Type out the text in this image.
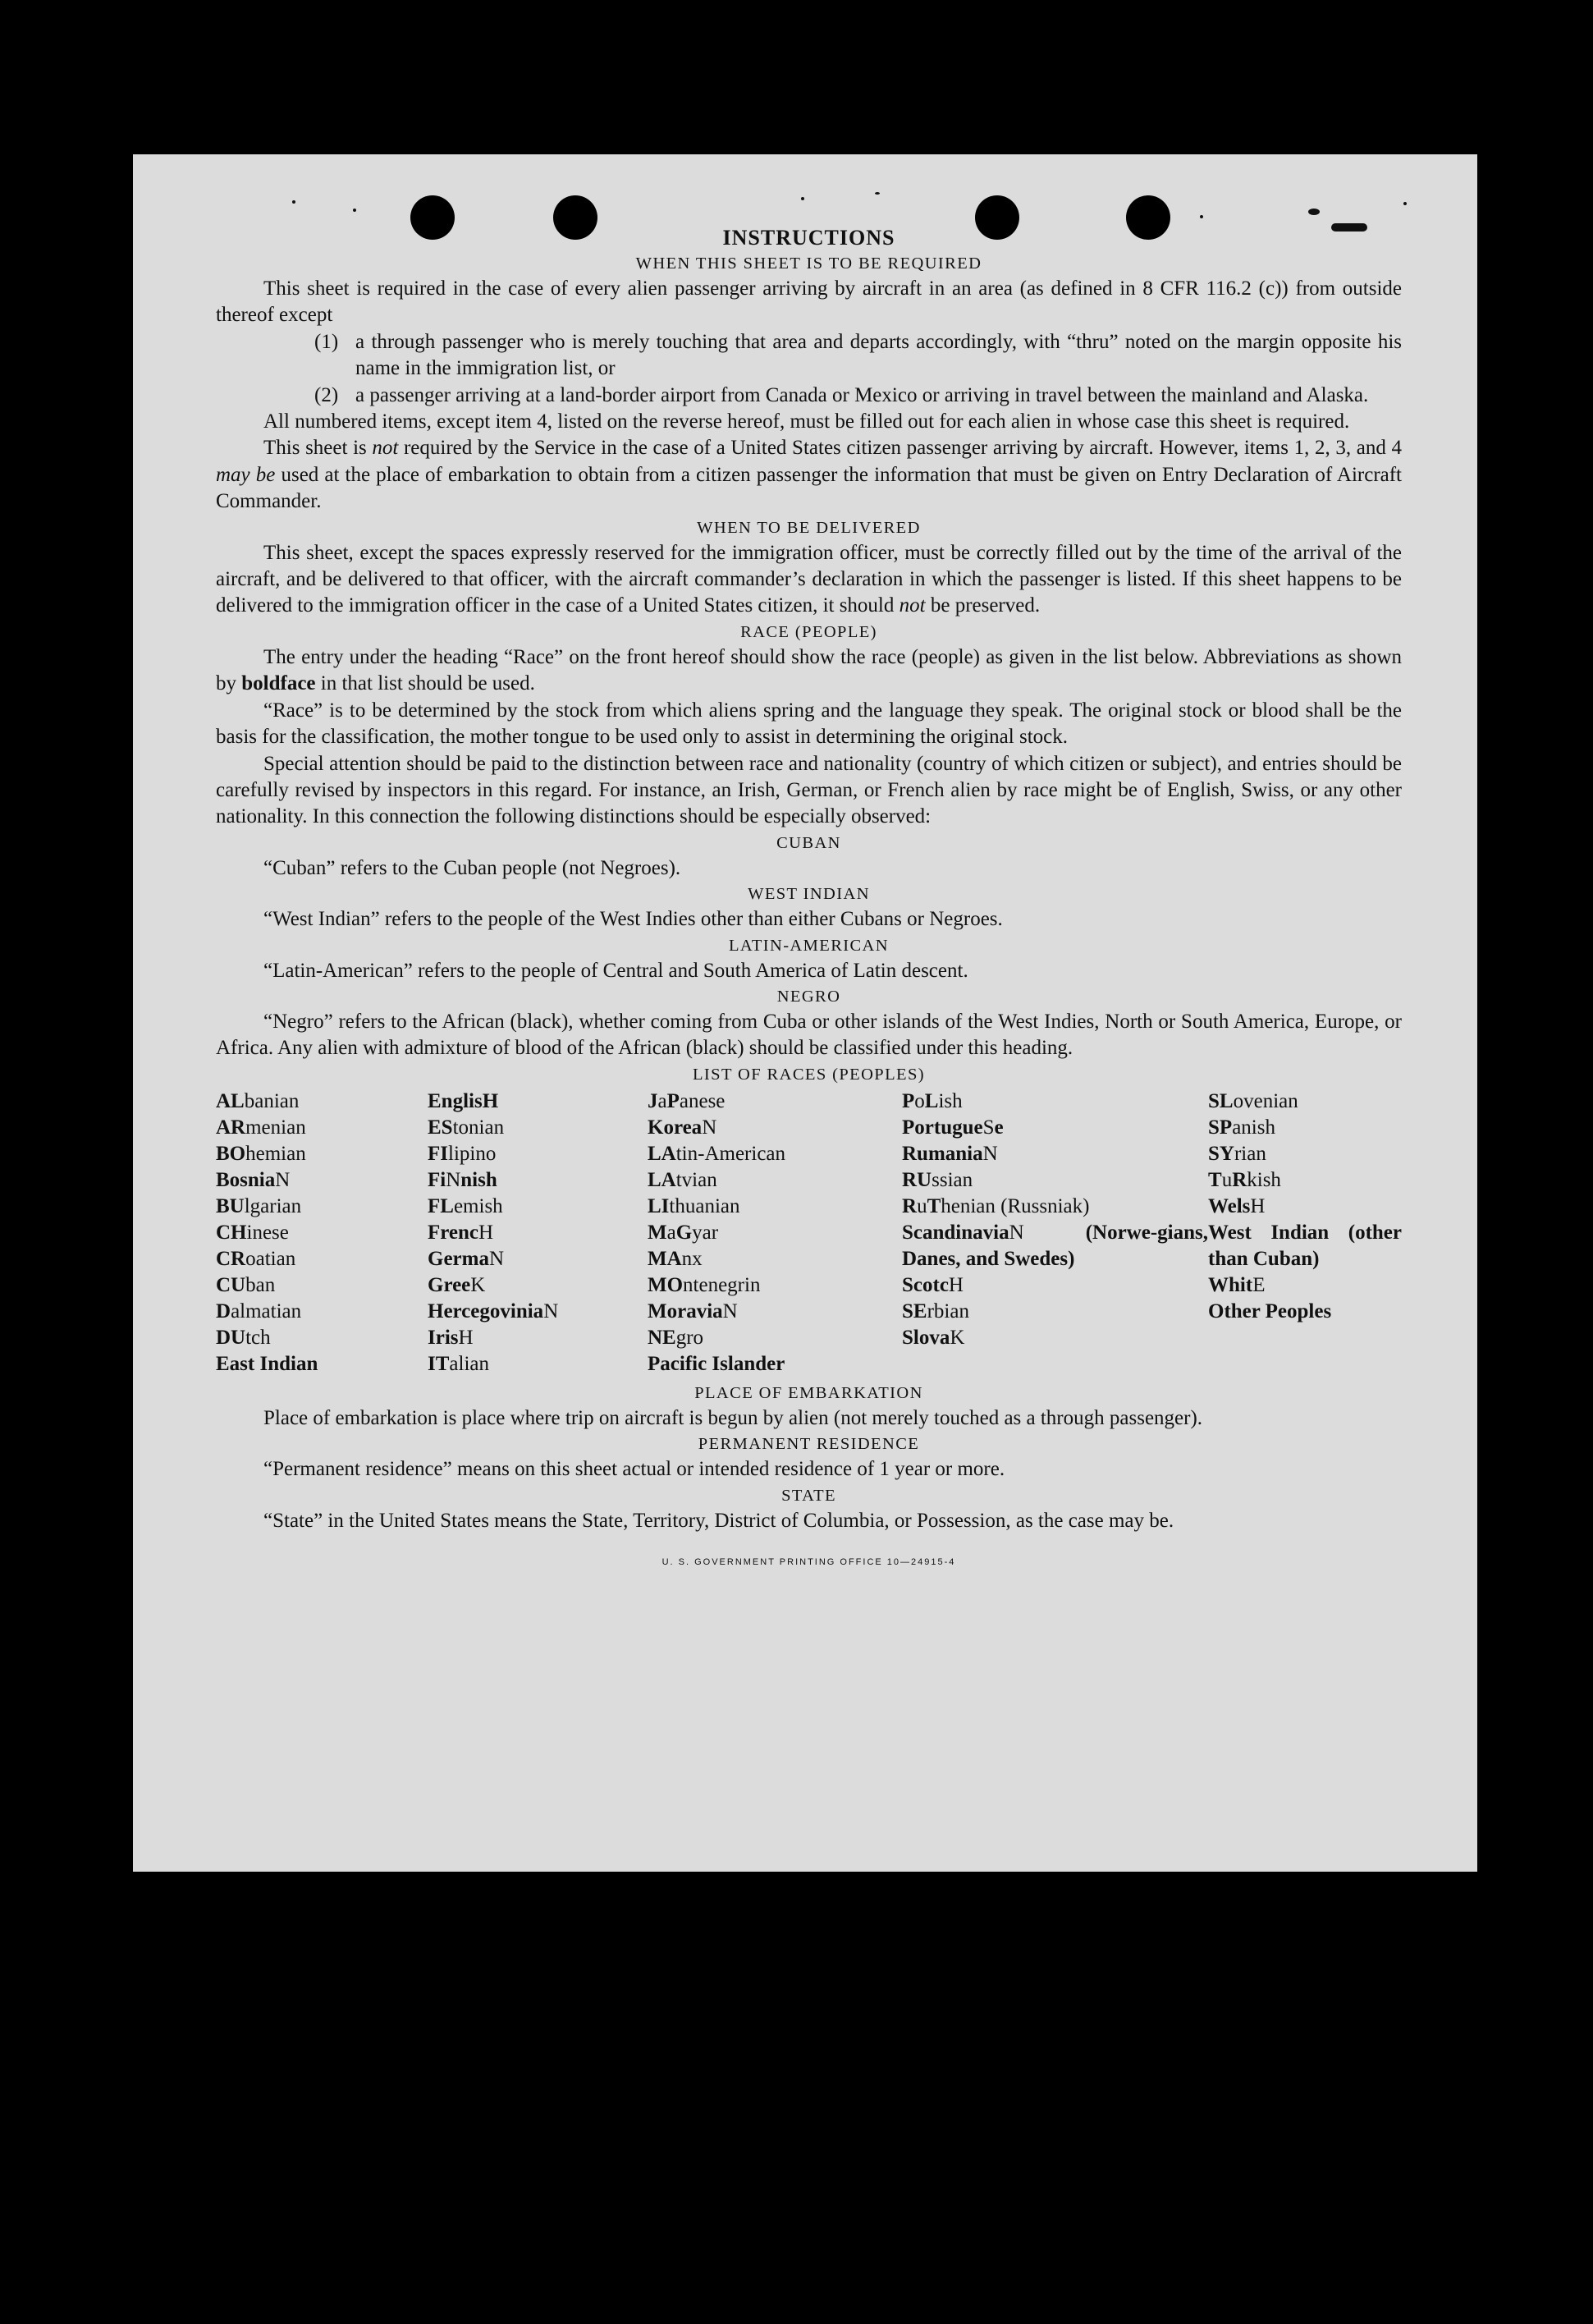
INSTRUCTIONS
WHEN THIS SHEET IS TO BE REQUIRED

This sheet is required in the case of every alien passenger arriving by aircraft in an area (as defined in 8 CFR 116.2 (c)) from outside thereof except

(1) a through passenger who is merely touching that area and departs accordingly, with “thru” noted on the margin opposite his name in the immigration list, or
(2) a passenger arriving at a land-border airport from Canada or Mexico or arriving in travel between the mainland and Alaska.

All numbered items, except item 4, listed on the reverse hereof, must be filled out for each alien in whose case this sheet is required.

This sheet is not required by the Service in the case of a United States citizen passenger arriving by aircraft. However, items 1, 2, 3, and 4 may be used at the place of embarkation to obtain from a citizen passenger the information that must be given on Entry Declaration of Aircraft Commander.

WHEN TO BE DELIVERED

This sheet, except the spaces expressly reserved for the immigration officer, must be correctly filled out by the time of the arrival of the aircraft, and be delivered to that officer, with the aircraft commander’s declaration in which the passenger is listed. If this sheet happens to be delivered to the immigration officer in the case of a United States citizen, it should not be preserved.

RACE (PEOPLE)

The entry under the heading “Race” on the front hereof should show the race (people) as given in the list below. Abbreviations as shown by boldface in that list should be used.

“Race” is to be determined by the stock from which aliens spring and the language they speak. The original stock or blood shall be the basis for the classification, the mother tongue to be used only to assist in determining the original stock.

Special attention should be paid to the distinction between race and nationality (country of which citizen or subject), and entries should be carefully revised by inspectors in this regard. For instance, an Irish, German, or French alien by race might be of English, Swiss, or any other nationality. In this connection the following distinctions should be especially observed:

CUBAN

“Cuban” refers to the Cuban people (not Negroes).

WEST INDIAN

“West Indian” refers to the people of the West Indies other than either Cubans or Negroes.

LATIN-AMERICAN

“Latin-American” refers to the people of Central and South America of Latin descent.

NEGRO

“Negro” refers to the African (black), whether coming from Cuba or other islands of the West Indies, North or South America, Europe, or Africa. Any alien with admixture of blood of the African (black) should be classified under this heading.

LIST OF RACES (PEOPLES)
ALbanian
ARmenian
BOhemian
BosniaN
BUlgarian
CHinese
CRoatian
CUban
Dalmatian
DUtch
East Indian
EnglisH
EStonian
FIlipino
FiNnish
FLemish
FrencH
GermaN
GreeK
HercegoviniaN
IrisH
ITalian
JaPanese
KoreaN
LAtin-American
LAtvian
LIthuanian
MaGyar
MAnx
MOntenegrin
MoraviaN
NEgro
Pacific Islander
PoLish
PortugueSe
RumaniaN
RUssian
RuThenian (Russniak)
ScandinaviaN (Norwe-gians, Danes, and Swedes)
ScotcH
SErbian
SlovaK
SLovenian
SPanish
SYrian
TuRkish
WelsH
West Indian (other than Cuban)
WhitE
Other Peoples
PLACE OF EMBARKATION

Place of embarkation is place where trip on aircraft is begun by alien (not merely touched as a through passenger).

PERMANENT RESIDENCE

“Permanent residence” means on this sheet actual or intended residence of 1 year or more.

STATE

“State” in the United States means the State, Territory, District of Columbia, or Possession, as the case may be.

U. S. GOVERNMENT PRINTING OFFICE 10—24915-4
